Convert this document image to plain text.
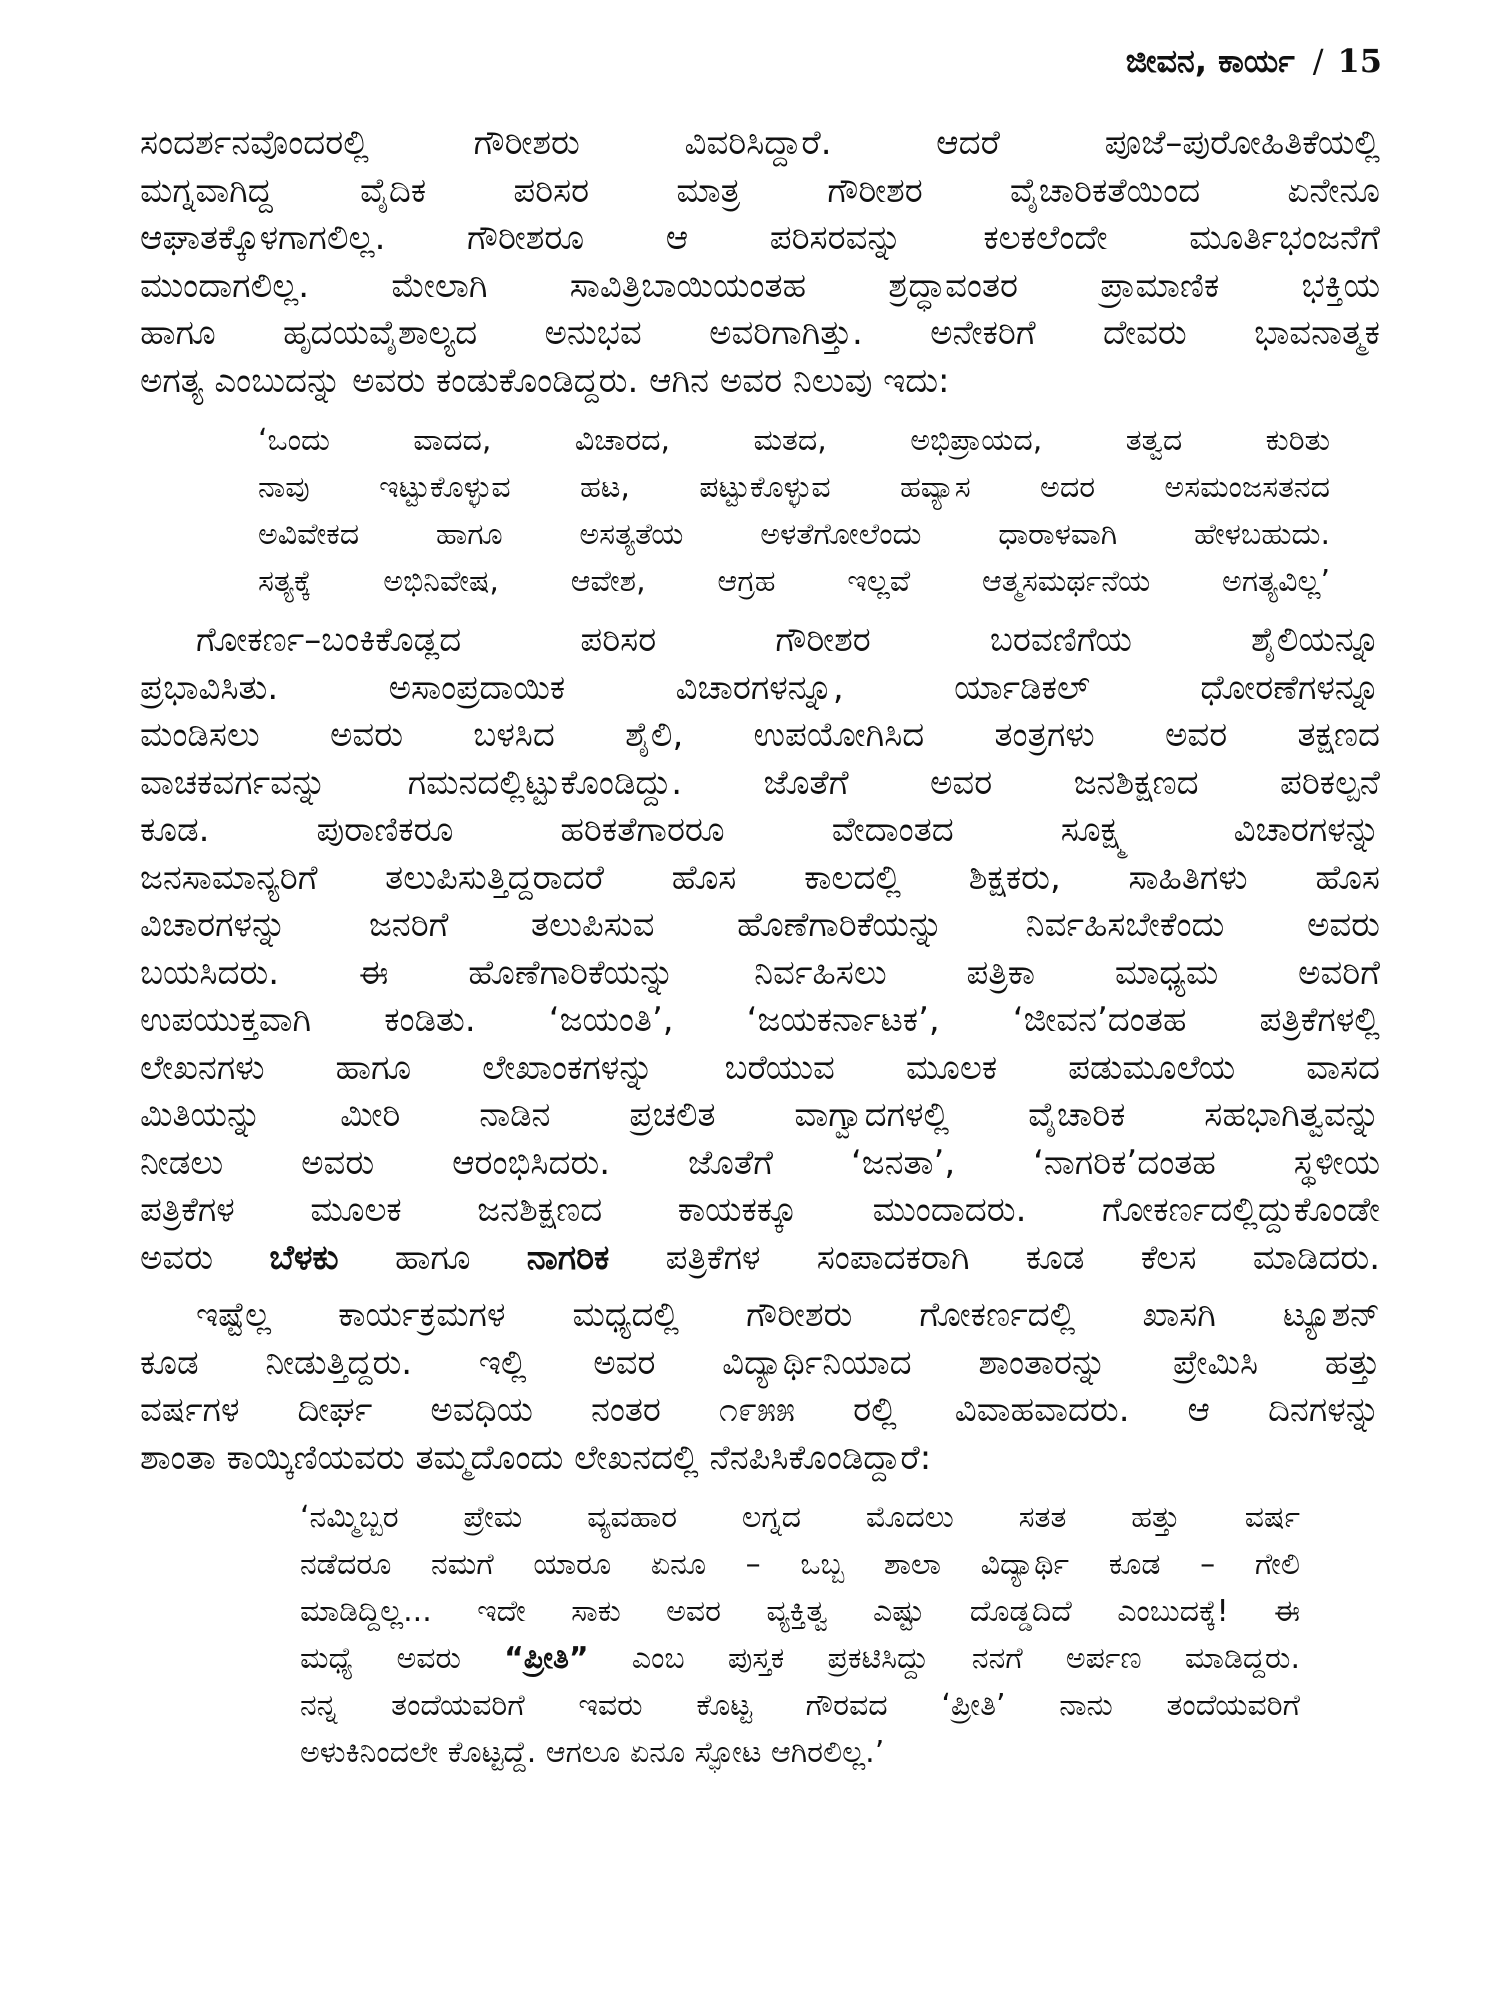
ಜೀವನ, ಕಾರ್ಯ / 15
ಸಂದರ್ಶನವೊಂದರಲ್ಲಿ ಗೌರೀಶರು ವಿವರಿಸಿದ್ದಾರೆ. ಆದರೆ ಪೂಜೆ–ಪುರೋಹಿತಿಕೆಯಲ್ಲಿ
ಮಗ್ನವಾಗಿದ್ದ ವೈದಿಕ ಪರಿಸರ ಮಾತ್ರ ಗೌರೀಶರ ವೈಚಾರಿಕತೆಯಿಂದ ಏನೇನೂ
ಆಘಾತಕ್ಕೊಳಗಾಗಲಿಲ್ಲ. ಗೌರೀಶರೂ ಆ ಪರಿಸರವನ್ನು ಕಲಕಲೆಂದೇ ಮೂರ್ತಿಭಂಜನೆಗೆ
ಮುಂದಾಗಲಿಲ್ಲ. ಮೇಲಾಗಿ ಸಾವಿತ್ರಿಬಾಯಿಯಂತಹ ಶ್ರದ್ಧಾವಂತರ ಪ್ರಾಮಾಣಿಕ ಭಕ್ತಿಯ
ಹಾಗೂ ಹೃದಯವೈಶಾಲ್ಯದ ಅನುಭವ ಅವರಿಗಾಗಿತ್ತು. ಅನೇಕರಿಗೆ ದೇವರು ಭಾವನಾತ್ಮಕ
ಅಗತ್ಯ ಎಂಬುದನ್ನು ಅವರು ಕಂಡುಕೊಂಡಿದ್ದರು. ಆಗಿನ ಅವರ ನಿಲುವು ಇದು:
‘ಒಂದು ವಾದದ, ವಿಚಾರದ, ಮತದ, ಅಭಿಪ್ರಾಯದ, ತತ್ವದ ಕುರಿತು
ನಾವು ಇಟ್ಟುಕೊಳ್ಳುವ ಹಟ, ಪಟ್ಟುಕೊಳ್ಳುವ ಹವ್ಯಾಸ ಅದರ ಅಸಮಂಜಸತನದ
ಅವಿವೇಕದ ಹಾಗೂ ಅಸತ್ಯತೆಯ ಅಳತೆಗೋಲೆಂದು ಧಾರಾಳವಾಗಿ ಹೇಳಬಹುದು.
ಸತ್ಯಕ್ಕೆ ಅಭಿನಿವೇಷ, ಆವೇಶ, ಆಗ್ರಹ ಇಲ್ಲವೆ ಆತ್ಮಸಮರ್ಥನೆಯ ಅಗತ್ಯವಿಲ್ಲ’
ಗೋಕರ್ಣ–ಬಂಕಿಕೊಡ್ಲದ ಪರಿಸರ ಗೌರೀಶರ ಬರವಣಿಗೆಯ ಶೈಲಿಯನ್ನೂ
ಪ್ರಭಾವಿಸಿತು. ಅಸಾಂಪ್ರದಾಯಿಕ ವಿಚಾರಗಳನ್ನೂ, ರ್ಯಾಡಿಕಲ್ ಧೋರಣೆಗಳನ್ನೂ
ಮಂಡಿಸಲು ಅವರು ಬಳಸಿದ ಶೈಲಿ, ಉಪಯೋಗಿಸಿದ ತಂತ್ರಗಳು ಅವರ ತಕ್ಷಣದ
ವಾಚಕವರ್ಗವನ್ನು ಗಮನದಲ್ಲಿಟ್ಟುಕೊಂಡಿದ್ದು. ಜೊತೆಗೆ ಅವರ ಜನಶಿಕ್ಷಣದ ಪರಿಕಲ್ಪನೆ
ಕೂಡ. ಪುರಾಣಿಕರೂ ಹರಿಕತೆಗಾರರೂ ವೇದಾಂತದ ಸೂಕ್ಷ್ಮ ವಿಚಾರಗಳನ್ನು
ಜನಸಾಮಾನ್ಯರಿಗೆ ತಲುಪಿಸುತ್ತಿದ್ದರಾದರೆ ಹೊಸ ಕಾಲದಲ್ಲಿ ಶಿಕ್ಷಕರು, ಸಾಹಿತಿಗಳು ಹೊಸ
ವಿಚಾರಗಳನ್ನು ಜನರಿಗೆ ತಲುಪಿಸುವ ಹೊಣೆಗಾರಿಕೆಯನ್ನು ನಿರ್ವಹಿಸಬೇಕೆಂದು ಅವರು
ಬಯಸಿದರು. ಈ ಹೊಣೆಗಾರಿಕೆಯನ್ನು ನಿರ್ವಹಿಸಲು ಪತ್ರಿಕಾ ಮಾಧ್ಯಮ ಅವರಿಗೆ
ಉಪಯುಕ್ತವಾಗಿ ಕಂಡಿತು. ‘ಜಯಂತಿ’, ‘ಜಯಕರ್ನಾಟಕ’, ‘ಜೀವನ’ದಂತಹ ಪತ್ರಿಕೆಗಳಲ್ಲಿ
ಲೇಖನಗಳು ಹಾಗೂ ಲೇಖಾಂಕಗಳನ್ನು ಬರೆಯುವ ಮೂಲಕ ಪಡುಮೂಲೆಯ ವಾಸದ
ಮಿತಿಯನ್ನು ಮೀರಿ ನಾಡಿನ ಪ್ರಚಲಿತ ವಾಗ್ವಾದಗಳಲ್ಲಿ ವೈಚಾರಿಕ ಸಹಭಾಗಿತ್ವವನ್ನು
ನೀಡಲು ಅವರು ಆರಂಭಿಸಿದರು. ಜೊತೆಗೆ ‘ಜನತಾ’, ‘ನಾಗರಿಕ’ದಂತಹ ಸ್ಥಳೀಯ
ಪತ್ರಿಕೆಗಳ ಮೂಲಕ ಜನಶಿಕ್ಷಣದ ಕಾಯಕಕ್ಕೂ ಮುಂದಾದರು. ಗೋಕರ್ಣದಲ್ಲಿದ್ದುಕೊಂಡೇ
ಅವರು ಬೆಳಕು ಹಾಗೂ ನಾಗರಿಕ ಪತ್ರಿಕೆಗಳ ಸಂಪಾದಕರಾಗಿ ಕೂಡ ಕೆಲಸ ಮಾಡಿದರು.
ಇಷ್ಟೆಲ್ಲ ಕಾರ್ಯಕ್ರಮಗಳ ಮಧ್ಯದಲ್ಲಿ ಗೌರೀಶರು ಗೋಕರ್ಣದಲ್ಲಿ ಖಾಸಗಿ ಟ್ಯೂಶನ್
ಕೂಡ ನೀಡುತ್ತಿದ್ದರು. ಇಲ್ಲಿ ಅವರ ವಿದ್ಯಾರ್ಥಿನಿಯಾದ ಶಾಂತಾರನ್ನು ಪ್ರೇಮಿಸಿ ಹತ್ತು
ವರ್ಷಗಳ ದೀರ್ಘ ಅವಧಿಯ ನಂತರ ೧೯೫೫ ರಲ್ಲಿ ವಿವಾಹವಾದರು. ಆ ದಿನಗಳನ್ನು
ಶಾಂತಾ ಕಾಯ್ಕಿಣಿಯವರು ತಮ್ಮದೊಂದು ಲೇಖನದಲ್ಲಿ ನೆನಪಿಸಿಕೊಂಡಿದ್ದಾರೆ:
‘ನಮ್ಮಿಬ್ಬರ ಪ್ರೇಮ ವ್ಯವಹಾರ ಲಗ್ನದ ಮೊದಲು ಸತತ ಹತ್ತು ವರ್ಷ
ನಡೆದರೂ ನಮಗೆ ಯಾರೂ ಏನೂ – ಒಬ್ಬ ಶಾಲಾ ವಿದ್ಯಾರ್ಥಿ ಕೂಡ – ಗೇಲಿ
ಮಾಡಿದ್ದಿಲ್ಲ... ಇದೇ ಸಾಕು ಅವರ ವ್ಯಕ್ತಿತ್ವ ಎಷ್ಟು ದೊಡ್ಡದಿದೆ ಎಂಬುದಕ್ಕೆ! ಈ
ಮಧ್ಯೆ ಅವರು “ಪ್ರೀತಿ” ಎಂಬ ಪುಸ್ತಕ ಪ್ರಕಟಿಸಿದ್ದು ನನಗೆ ಅರ್ಪಣ ಮಾಡಿದ್ದರು.
ನನ್ನ ತಂದೆಯವರಿಗೆ ಇವರು ಕೊಟ್ಟ ಗೌರವದ ‘ಪ್ರೀತಿ’ ನಾನು ತಂದೆಯವರಿಗೆ
ಅಳುಕಿನಿಂದಲೇ ಕೊಟ್ಟದ್ದೆ. ಆಗಲೂ ಏನೂ ಸ್ಫೋಟ ಆಗಿರಲಿಲ್ಲ.’
